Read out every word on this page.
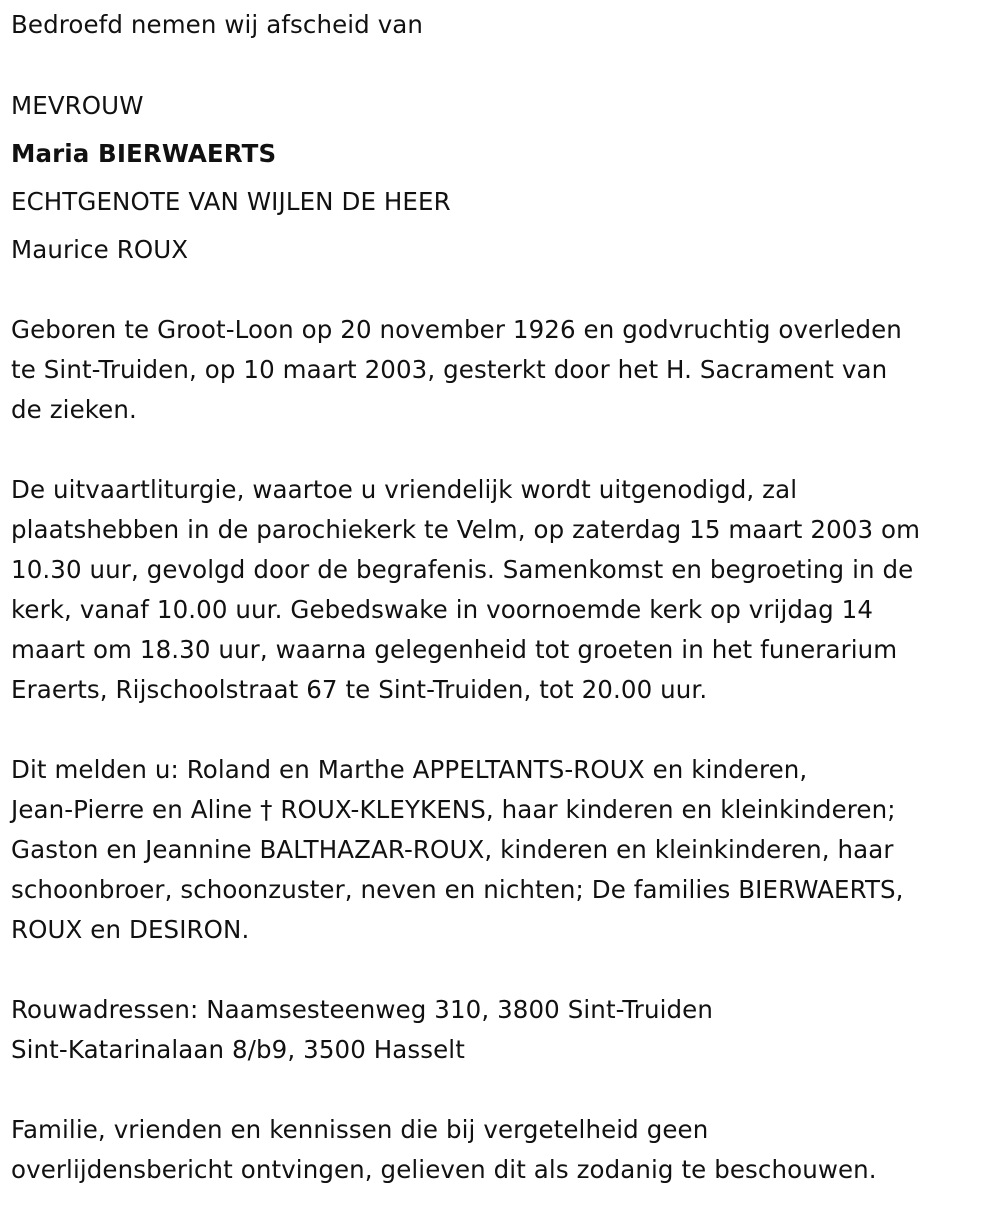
Bedroefd nemen wij afscheid van
MEVROUW
Maria BIERWAERTS
ECHTGENOTE VAN WIJLEN DE HEER
Maurice ROUX
Geboren te Groot-Loon op 20 november 1926 en godvruchtig overleden
te Sint-Truiden, op 10 maart 2003, gesterkt door het H. Sacrament van
de zieken.
De uitvaartliturgie, waartoe u vriendelijk wordt uitgenodigd, zal
plaatshebben in de parochiekerk te Velm, op zaterdag 15 maart 2003 om
10.30 uur, gevolgd door de begrafenis. Samenkomst en begroeting in de
kerk, vanaf 10.00 uur. Gebedswake in voornoemde kerk op vrijdag 14
maart om 18.30 uur, waarna gelegenheid tot groeten in het funerarium
Eraerts, Rijschoolstraat 67 te Sint-Truiden, tot 20.00 uur.
Dit melden u: Roland en Marthe APPELTANTS-ROUX en kinderen,
Jean-Pierre en Aline † ROUX-KLEYKENS, haar kinderen en kleinkinderen;
Gaston en Jeannine BALTHAZAR-ROUX, kinderen en kleinkinderen, haar
schoonbroer, schoonzuster, neven en nichten; De families BIERWAERTS,
ROUX en DESIRON.
Rouwadressen: Naamsesteenweg 310, 3800 Sint-Truiden
Sint-Katarinalaan 8/b9, 3500 Hasselt
Familie, vrienden en kennissen die bij vergetelheid geen
overlijdensbericht ontvingen, gelieven dit als zodanig te beschouwen.
